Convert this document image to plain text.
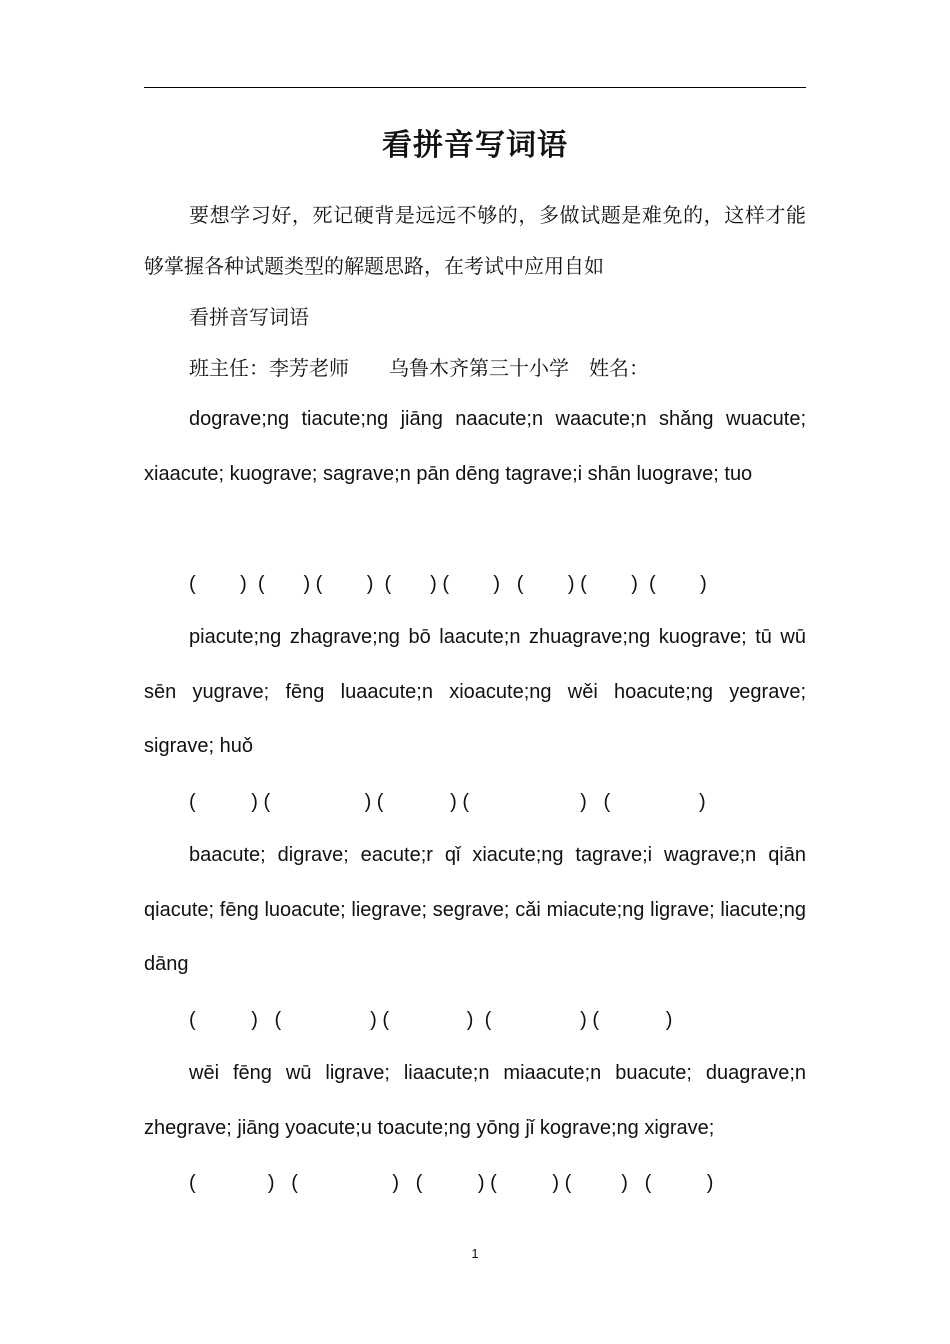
看拼音写词语
要想学习好，死记硬背是远远不够的，多做试题是难免的，这样才能够掌握各种试题类型的解题思路，在考试中应用自如
看拼音写词语
班主任：李芳老师　　乌鲁木齐第三十小学　姓名：
dograve;ng tiacute;ng jiāng naacute;n waacute;n shǎng wuacute; xiaacute; kuograve; sagrave;n pān dēng tagrave;i shān luograve; tuo
(        )  (       ) (        )  (       ) (        )   (        ) (        )  (        )
piacute;ng zhagrave;ng bō laacute;n zhuagrave;ng kuograve; tū wū sēn yugrave; fēng luaacute;n xioacute;ng wěi hoacute;ng yegrave; sigrave; huǒ
(          ) (                 ) (            ) (                    )   (                )
baacute; digrave; eacute;r qǐ xiacute;ng tagrave;i wagrave;n qiān qiacute; fēng luoacute; liegrave; segrave; cǎi miacute;ng ligrave; liacute;ng dāng
(          )   (                ) (              )  (                ) (            )
wēi fēng wū ligrave; liaacute;n miaacute;n buacute; duagrave;n zhegrave; jiāng yoacute;u toacute;ng yōng jǐ kograve;ng xigrave;
(             )   (                 )   (          ) (          ) (         )   (          )
1
